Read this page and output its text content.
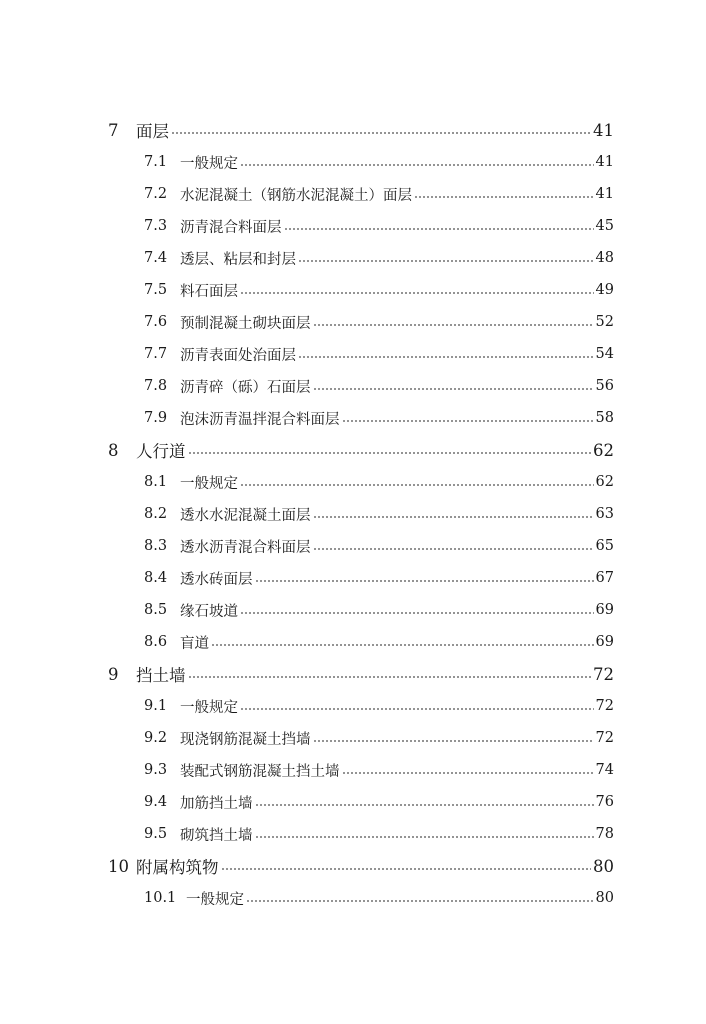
7	面层	41
7.1 一般规定	41
7.2 水泥混凝土（钢筋水泥混凝土）面层	41
7.3 沥青混合料面层	45
7.4 透层、粘层和封层	48
7.5 料石面层	49
7.6 预制混凝土砌块面层	52
7.7 沥青表面处治面层	54
7.8 沥青碎（砾）石面层	56
7.9 泡沫沥青温拌混合料面层	58
8	人行道	62
8.1 一般规定	62
8.2 透水水泥混凝土面层	63
8.3 透水沥青混合料面层	65
8.4 透水砖面层	67
8.5 缘石坡道	69
8.6 盲道	69
9	挡土墙	72
9.1 一般规定	72
9.2 现浇钢筋混凝土挡墙	72
9.3 装配式钢筋混凝土挡土墙	74
9.4 加筋挡土墙	76
9.5 砌筑挡土墙	78
10 附属构筑物	80
10.1 一般规定	80
